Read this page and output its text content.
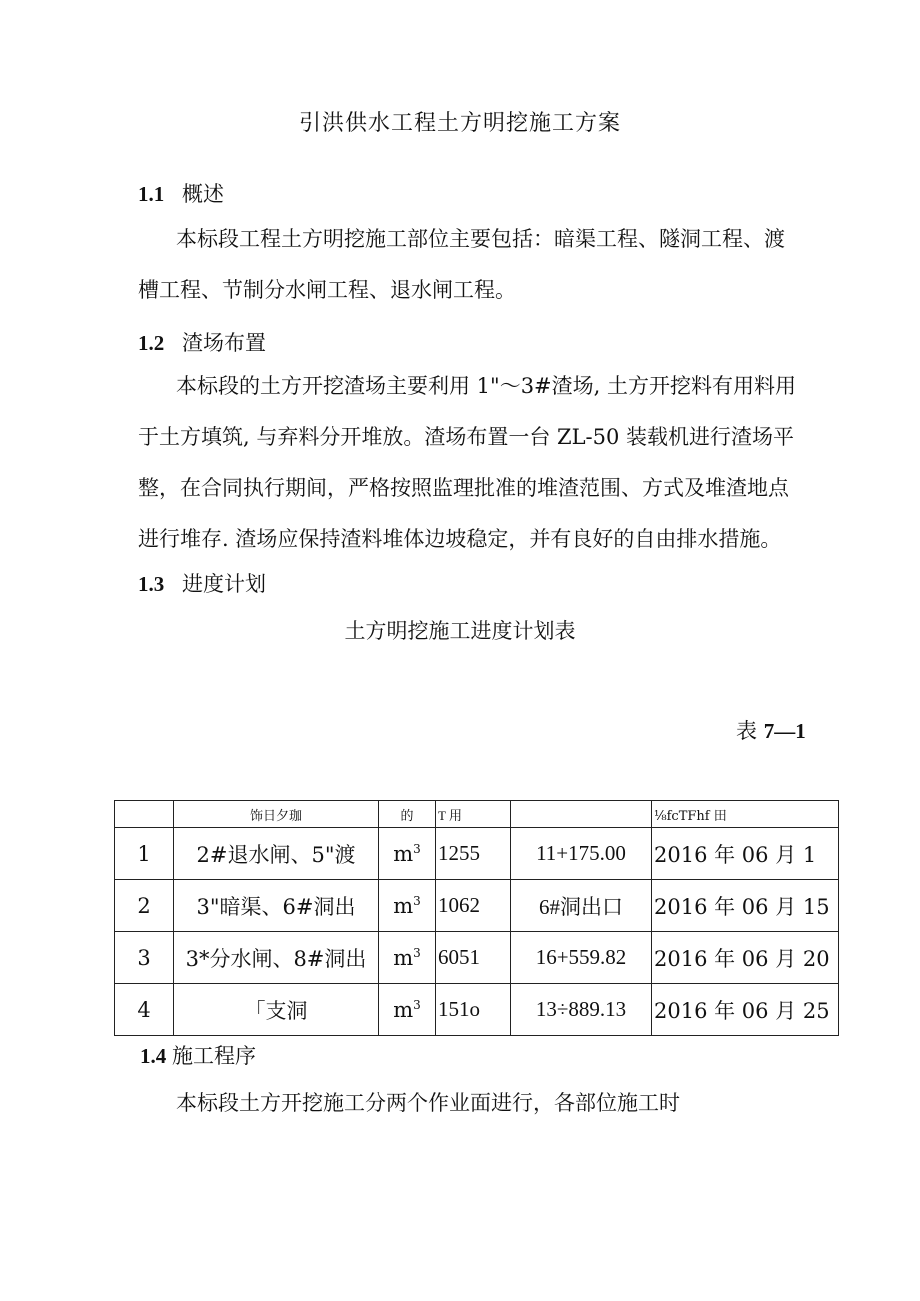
引洪供水工程土方明挖施工方案
1.1 概述
本标段工程土方明挖施工部位主要包括：暗渠工程、隧洞工程、渡
槽工程、节制分水闸工程、退水闸工程。
1.2 渣场布置
本标段的土方开挖渣场主要利用 1"～3#渣场, 土方开挖料有用料用
于土方填筑, 与弃料分开堆放。渣场布置一台 ZL-50 装载机进行渣场平
整，在合同执行期间，严格按照监理批准的堆渣范围、方式及堆渣地点
进行堆存. 渣场应保持渣料堆体边坡稳定，并有良好的自由排水措施。
1.3 进度计划
土方明挖施工进度计划表
表 7—1
	饰日夕珈	的	T 用		⅛fcTFhf 田
1	2#退水闸、5"渡	$m^3$	1255	11+175.00	2016 年 06 月 1
2	3"暗渠、6#洞出	$m^3$	1062	6#洞出口	2016 年 06 月 15
3	3*分水闸、8#洞出	$m^3$	6051	16+559.82	2016 年 06 月 20
4	「支洞	$m^3$	151o	13÷889.13	2016 年 06 月 25
1.4 施工程序
本标段土方开挖施工分两个作业面进行，各部位施工时
